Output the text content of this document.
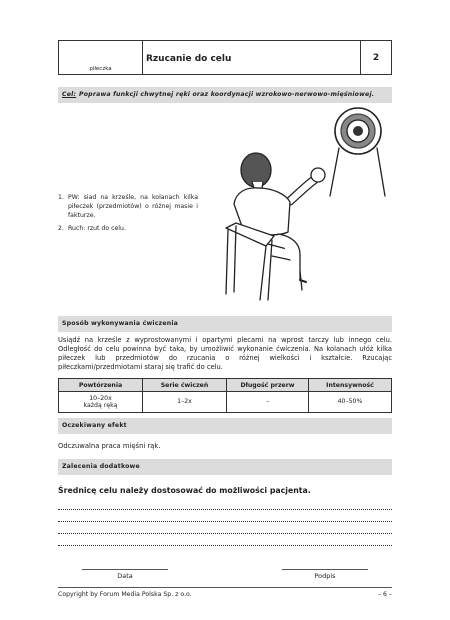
piłeczka
Rzucanie do celu	2
Cel: Poprawa funkcji chwytnej ręki oraz koordynacji wzrokowo-nerwowo-mięśniowej.
1. PW: siad na krześle, na kolanach kilka piłeczek (przedmiotów) o różnej masie i fakturze.
2. Ruch: rzut do celu.
Sposób wykonywania ćwiczenia
Usiądź na krześle z wyprostowanymi i opartymi plecami na wprost tarczy lub innego celu. Odległość do celu powinna być taka, by umożliwić wykonanie ćwiczenia. Na kolanach ułóż kilka piłeczek lub przedmiotów do rzucania o różnej wielkości i kształcie. Rzucając piłeczkami/przedmiotami staraj się trafić do celu.
Powtórzenia	Serie ćwiczeń	Długość przerw	Intensywność
10–20x
każdą ręką	1–2x	–	40–50%
Oczekiwany efekt
Odczuwalna praca mięśni rąk.
Zalecenia dodatkowe
Średnicę celu należy dostosować do możliwości pacjenta.
Data	Podpis
Copyright by Forum Media Polska Sp. z o.o.	– 6 –
